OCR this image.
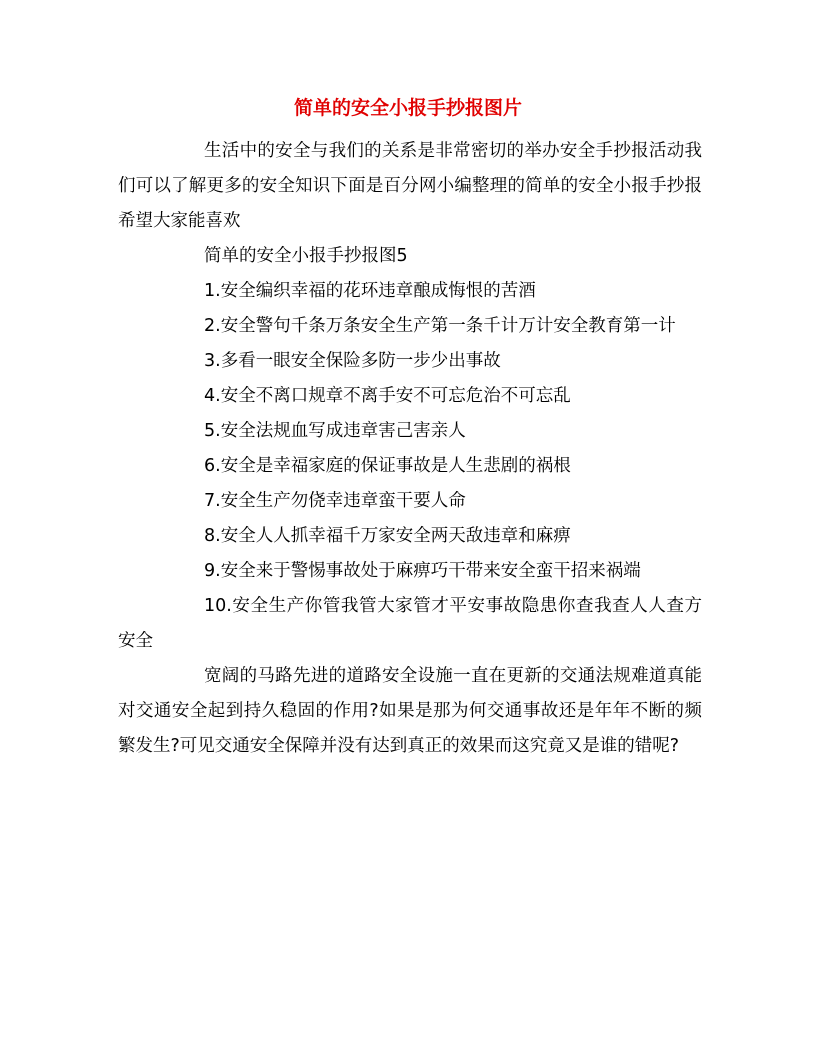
简单的安全小报手抄报图片

生活中的安全与我们的关系是非常密切的举办安全手抄报活动我们可以了解更多的安全知识下面是百分网小编整理的简单的安全小报手抄报希望大家能喜欢

简单的安全小报手抄报图5

1.安全编织幸福的花环违章酿成悔恨的苦酒

2.安全警句千条万条安全生产第一条千计万计安全教育第一计

3.多看一眼安全保险多防一步少出事故

4.安全不离口规章不离手安不可忘危治不可忘乱

5.安全法规血写成违章害己害亲人

6.安全是幸福家庭的保证事故是人生悲剧的祸根

7.安全生产勿侥幸违章蛮干要人命

8.安全人人抓幸福千万家安全两天敌违章和麻痹

9.安全来于警惕事故处于麻痹巧干带来安全蛮干招来祸端

10.安全生产你管我管大家管才平安事故隐患你查我查人人查方安全

宽阔的马路先进的道路安全设施一直在更新的交通法规难道真能对交通安全起到持久稳固的作用?如果是那为何交通事故还是年年不断的频繁发生?可见交通安全保障并没有达到真正的效果而这究竟又是谁的错呢?
